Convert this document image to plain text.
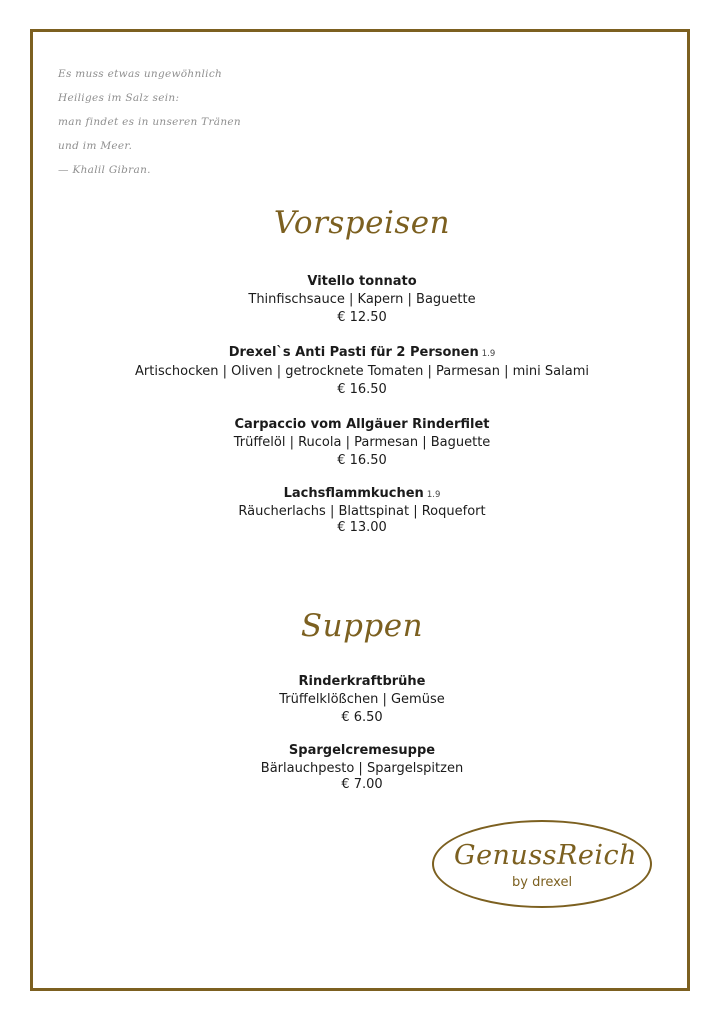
Es muss etwas ungewöhnlich
Heiliges im Salz sein:
man findet es in unseren Tränen
und im Meer.
— Khalil Gibran.
Vorspeisen
Vitello tonnato
Thinfischsauce | Kapern | Baguette
€ 12.50
Drexel`s Anti Pasti für 2 Personen 1.9
Artischocken | Oliven | getrocknete Tomaten | Parmesan | mini Salami
€ 16.50
Carpaccio vom Allgäuer Rinderfilet
Trüffelöl | Rucola | Parmesan | Baguette
€ 16.50
Lachsflammkuchen 1.9
Räucherlachs | Blattspinat | Roquefort
€ 13.00
Suppen
Rinderkraftbrühe
Trüffelklößchen | Gemüse
€ 6.50
Spargelcremesuppe
Bärlauchpesto | Spargelspitzen
€ 7.00
GenussReich
by drexel
